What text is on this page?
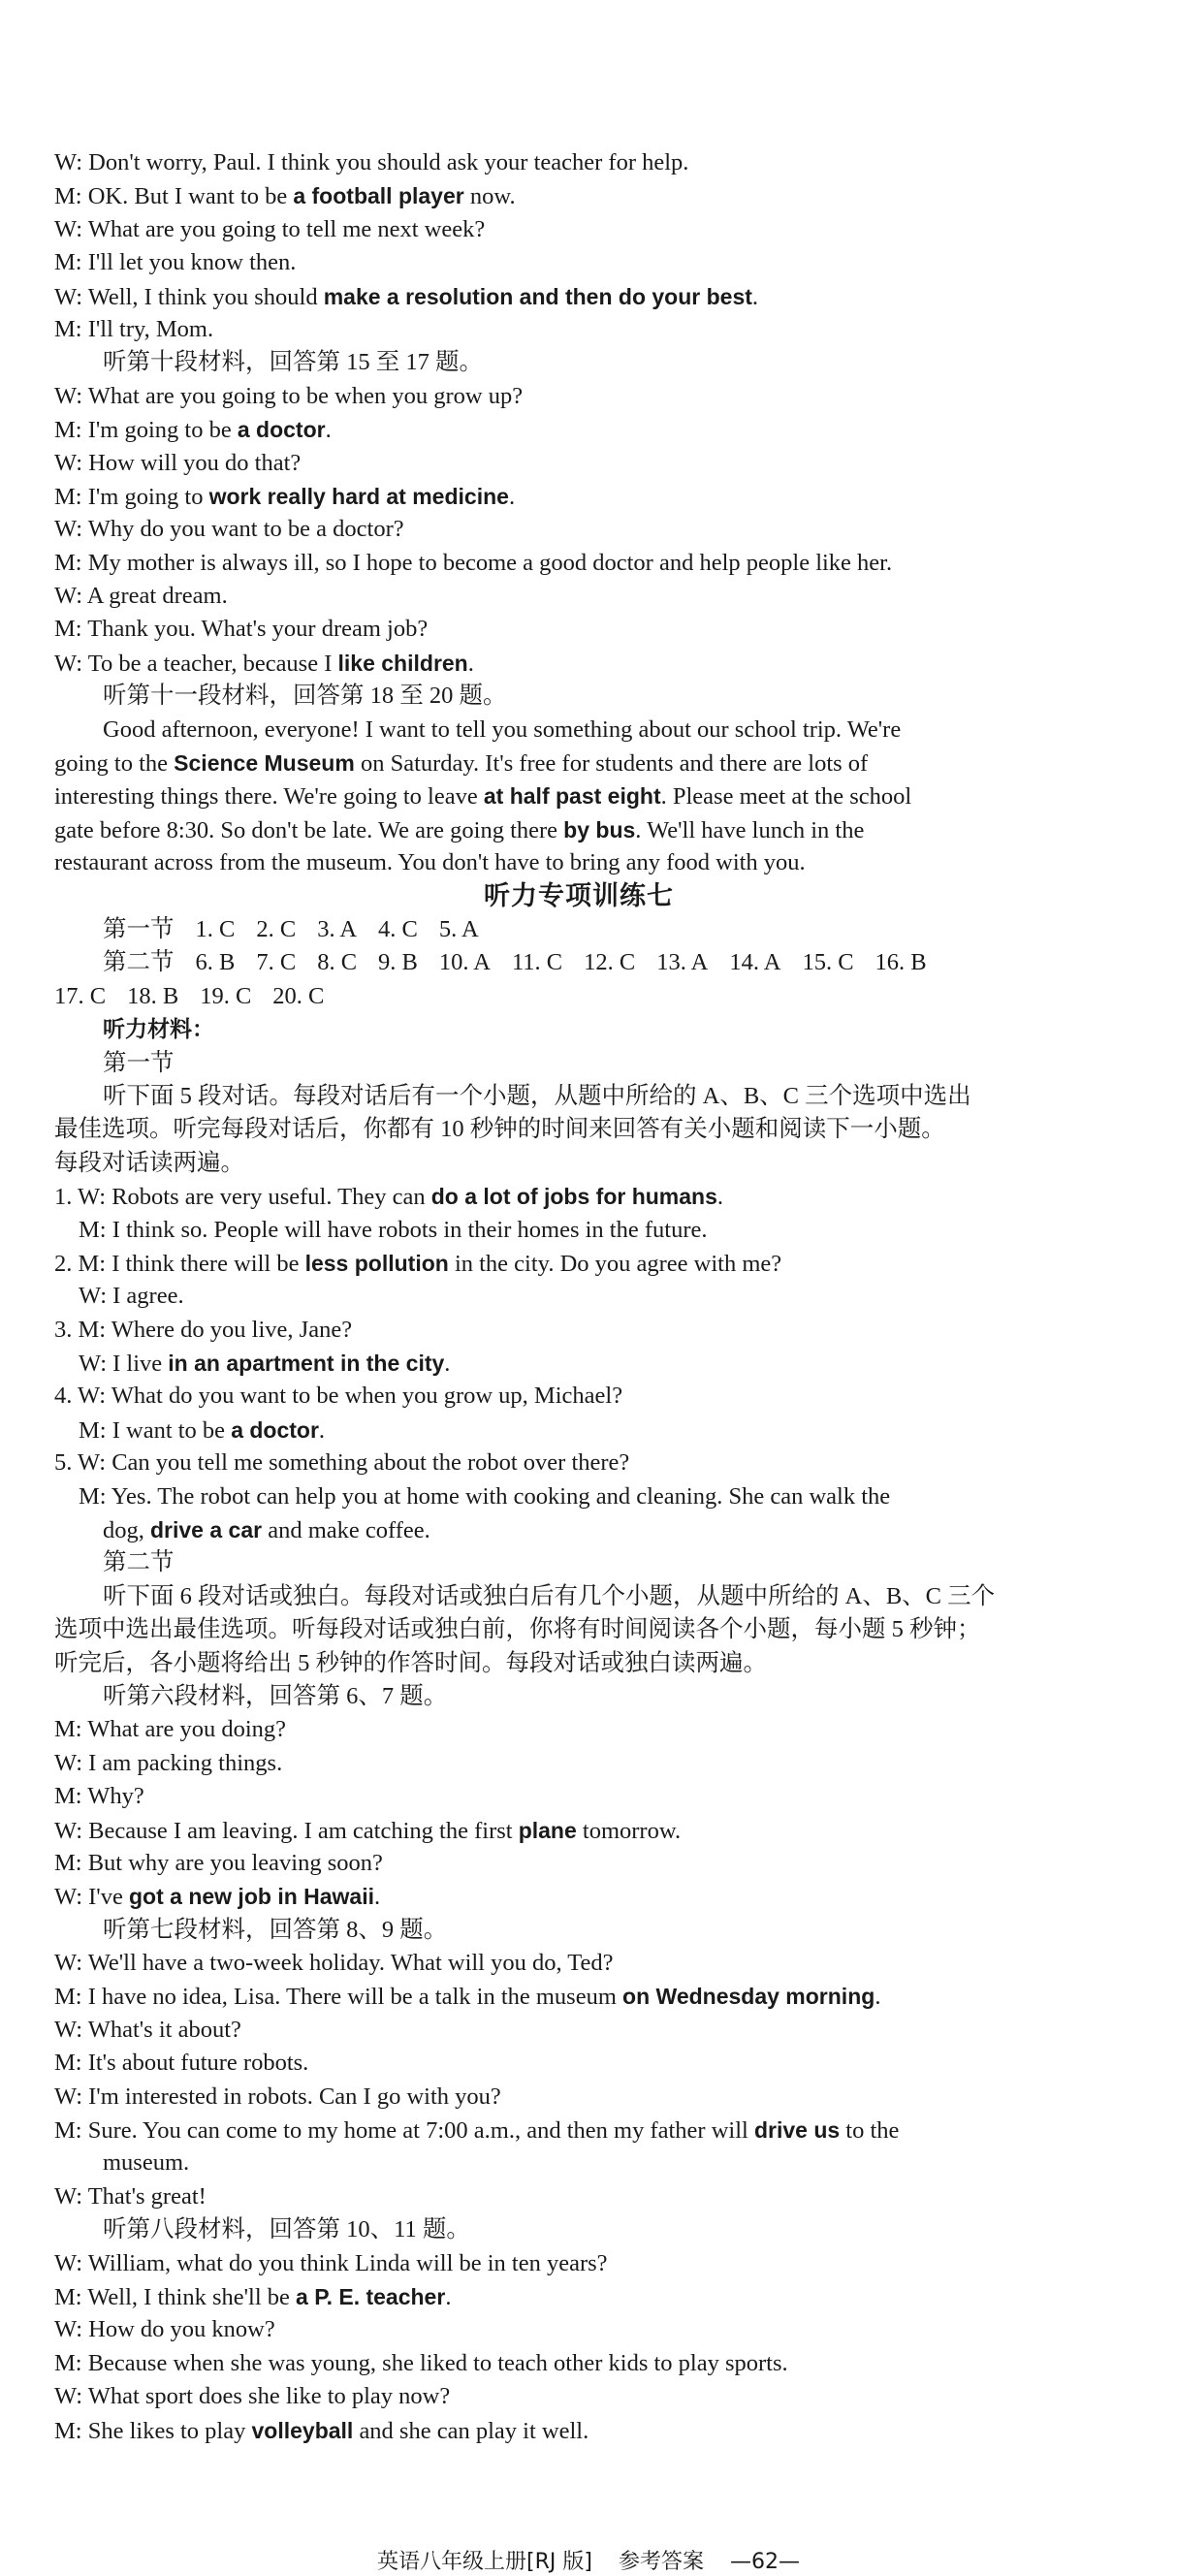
W: Don't worry, Paul. I think you should ask your teacher for help.
M: OK. But I want to be a football player now.
W: What are you going to tell me next week?
M: I'll let you know then.
W: Well, I think you should make a resolution and then do your best.
M: I'll try, Mom.
听第十段材料，回答第 15 至 17 题。
W: What are you going to be when you grow up?
M: I'm going to be a doctor.
W: How will you do that?
M: I'm going to work really hard at medicine.
W: Why do you want to be a doctor?
M: My mother is always ill, so I hope to become a good doctor and help people like her.
W: A great dream.
M: Thank you. What's your dream job?
W: To be a teacher, because I like children.
听第十一段材料，回答第 18 至 20 题。
Good afternoon, everyone! I want to tell you something about our school trip. We're
going to the Science Museum on Saturday. It's free for students and there are lots of
interesting things there. We're going to leave at half past eight. Please meet at the school
gate before 8:30. So don't be late. We are going there by bus. We'll have lunch in the
restaurant across from the museum. You don't have to bring any food with you.
听力专项训练七
第一节 1. C 2. C 3. A 4. C 5. A
第二节 6. B 7. C 8. C 9. B 10. A 11. C 12. C 13. A 14. A 15. C 16. B
17. C 18. B 19. C 20. C
听力材料：
第一节
听下面 5 段对话。每段对话后有一个小题，从题中所给的 A、B、C 三个选项中选出
最佳选项。听完每段对话后，你都有 10 秒钟的时间来回答有关小题和阅读下一小题。
每段对话读两遍。
1. W: Robots are very useful. They can do a lot of jobs for humans.
M: I think so. People will have robots in their homes in the future.
2. M: I think there will be less pollution in the city. Do you agree with me?
W: I agree.
3. M: Where do you live, Jane?
W: I live in an apartment in the city.
4. W: What do you want to be when you grow up, Michael?
M: I want to be a doctor.
5. W: Can you tell me something about the robot over there?
M: Yes. The robot can help you at home with cooking and cleaning. She can walk the
dog, drive a car and make coffee.
第二节
听下面 6 段对话或独白。每段对话或独白后有几个小题，从题中所给的 A、B、C 三个
选项中选出最佳选项。听每段对话或独白前，你将有时间阅读各个小题，每小题 5 秒钟；
听完后，各小题将给出 5 秒钟的作答时间。每段对话或独白读两遍。
听第六段材料，回答第 6、7 题。
M: What are you doing?
W: I am packing things.
M: Why?
W: Because I am leaving. I am catching the first plane tomorrow.
M: But why are you leaving soon?
W: I've got a new job in Hawaii.
听第七段材料，回答第 8、9 题。
W: We'll have a two-week holiday. What will you do, Ted?
M: I have no idea, Lisa. There will be a talk in the museum on Wednesday morning.
W: What's it about?
M: It's about future robots.
W: I'm interested in robots. Can I go with you?
M: Sure. You can come to my home at 7:00 a.m., and then my father will drive us to the
museum.
W: That's great!
听第八段材料，回答第 10、11 题。
W: William, what do you think Linda will be in ten years?
M: Well, I think she'll be a P. E. teacher.
W: How do you know?
M: Because when she was young, she liked to teach other kids to play sports.
W: What sport does she like to play now?
M: She likes to play volleyball and she can play it well.
英语八年级上册[RJ 版] 参考答案 —62—
